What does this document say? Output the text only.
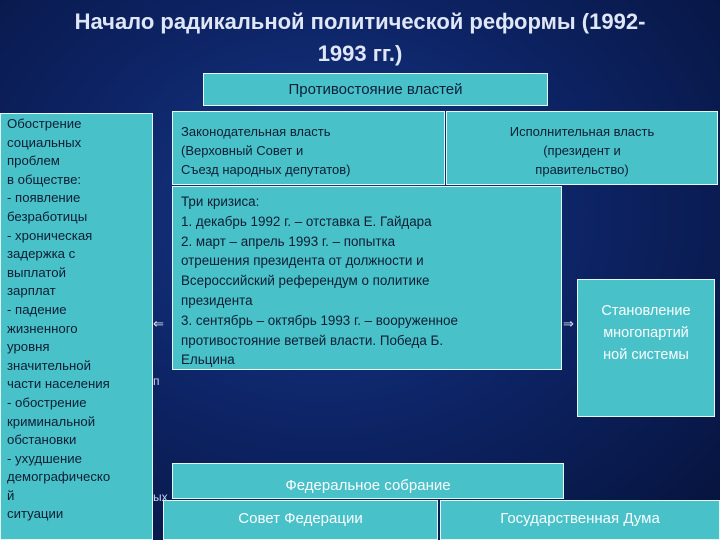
Начало радикальной политической реформы (1992-1993 гг.)
Противостояние властей
Обострение
социальных
проблем
в обществе:
- появление
безработицы
- хроническая
задержка с
выплатой
зарплат
- падение
жизненного
уровня
значительной
части населения
- обострение
криминальной
обстановки
- ухудшение
демографическо
й
ситуации
Законодательная власть
(Верховный Совет и
Съезд народных депутатов)
Исполнительная власть
(президент и
правительство)
Три кризиса:
1. декабрь 1992 г. – отставка Е. Гайдара
2. март – апрель 1993 г. – попытка
отрешения президента от должности и
Всероссийский референдум о политике
президента
3. сентябрь – октябрь 1993 г. – вооруженное
противостояние ветвей власти. Победа Б.
Ельцина
Становление
многопартий
ной системы
Федеральное собрание
Совет Федерации	Государственная Дума
⇐	⇒
ых
п
